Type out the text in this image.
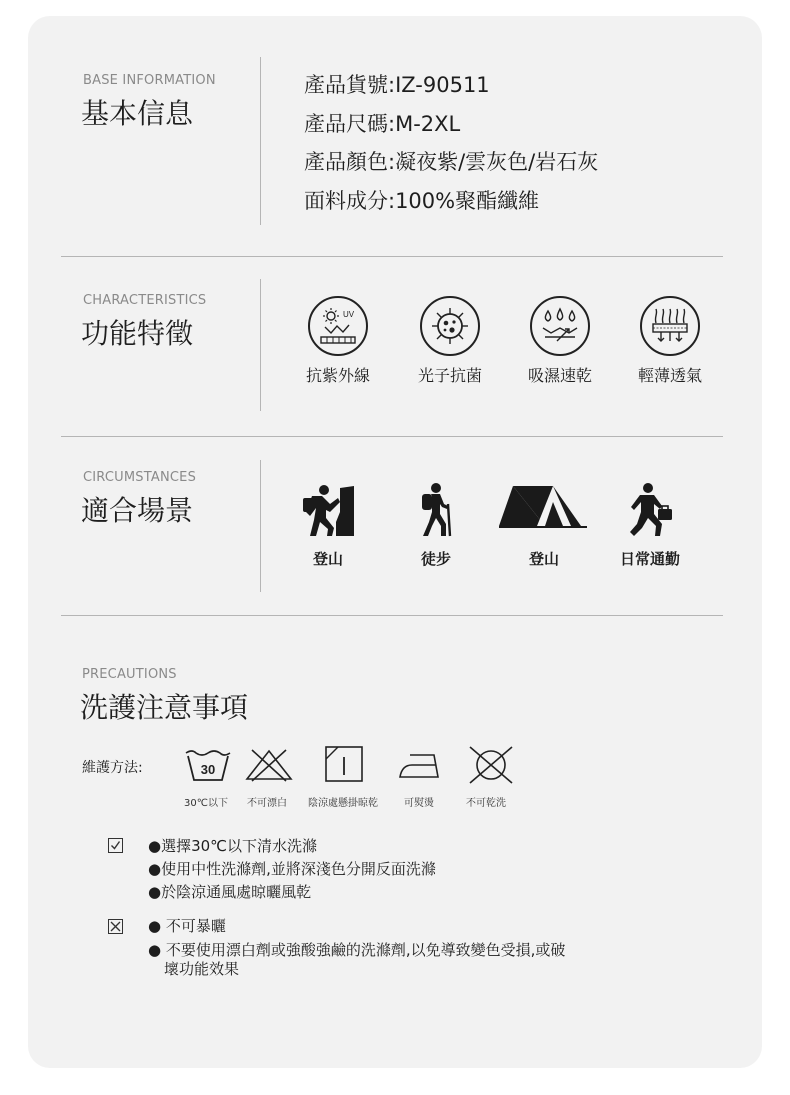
BASE INFORMATION
基本信息
產品貨號:IZ-90511
產品尺碼:M-2XL
產品顏色:凝夜紫/雲灰色/岩石灰
面料成分:100%聚酯纖維
CHARACTERISTICS
功能特徵
UV
抗紫外線	光子抗菌	吸濕速乾	輕薄透氣
CIRCUMSTANCES
適合場景
登山	徒步	登山	日常通勤
PRECAUTIONS
洗護注意事項
維護方法:	30
30℃以下 不可漂白 陰涼處懸掛晾乾	可熨燙	不可乾洗
●選擇30℃以下清水洗滌
●使用中性洗滌劑,並將深淺色分開反面洗滌
●於陰涼通風處晾曬風乾
● 不可暴曬
● 不要使用漂白劑或強酸強鹼的洗滌劑,以免導致變色受損,或破
壞功能效果
